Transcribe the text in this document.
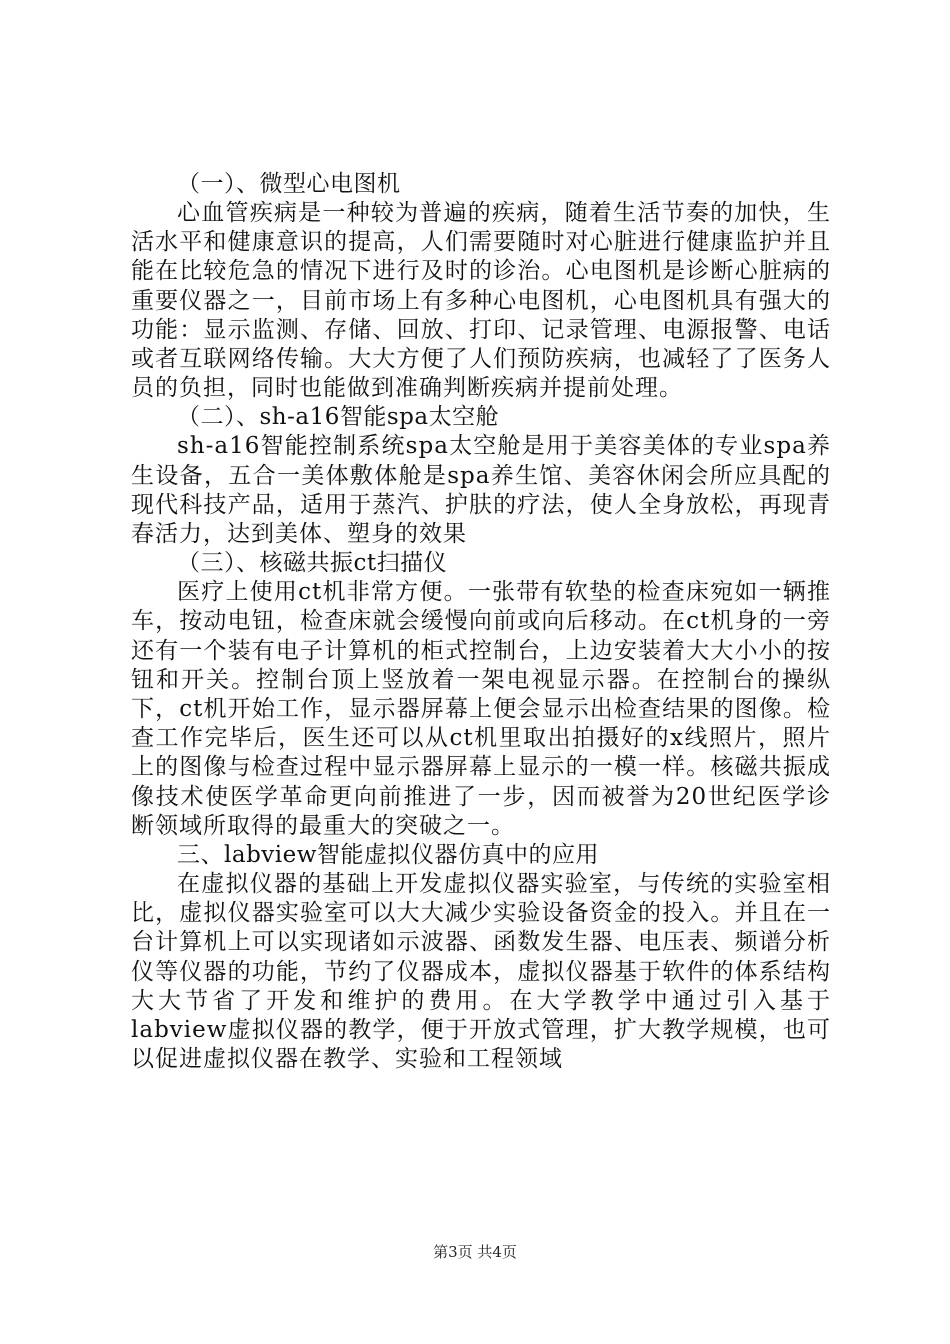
（一）、微型心电图机

心血管疾病是一种较为普遍的疾病，随着生活节奏的加快，生活水平和健康意识的提高，人们需要随时对心脏进行健康监护并且能在比较危急的情况下进行及时的诊治。心电图机是诊断心脏病的重要仪器之一，目前市场上有多种心电图机，心电图机具有强大的功能：显示监测、存储、回放、打印、记录管理、电源报警、电话或者互联网络传输。大大方便了人们预防疾病，也减轻了了医务人员的负担，同时也能做到准确判断疾病并提前处理。

（二）、sh-a16智能spa太空舱

sh-a16智能控制系统spa太空舱是用于美容美体的专业spa养生设备，五合一美体敷体舱是spa养生馆、美容休闲会所应具配的现代科技产品，适用于蒸汽、护肤的疗法，使人全身放松，再现青春活力，达到美体、塑身的效果

（三）、核磁共振ct扫描仪

医疗上使用ct机非常方便。一张带有软垫的检查床宛如一辆推车，按动电钮，检查床就会缓慢向前或向后移动。在ct机身的一旁还有一个装有电子计算机的柜式控制台，上边安装着大大小小的按钮和开关。控制台顶上竖放着一架电视显示器。在控制台的操纵下，ct机开始工作，显示器屏幕上便会显示出检查结果的图像。检查工作完毕后，医生还可以从ct机里取出拍摄好的x线照片，照片上的图像与检查过程中显示器屏幕上显示的一模一样。核磁共振成像技术使医学革命更向前推进了一步，因而被誉为20世纪医学诊断领域所取得的最重大的突破之一。

三、labview智能虚拟仪器仿真中的应用

在虚拟仪器的基础上开发虚拟仪器实验室，与传统的实验室相比，虚拟仪器实验室可以大大减少实验设备资金的投入。并且在一台计算机上可以实现诸如示波器、函数发生器、电压表、频谱分析仪等仪器的功能，节约了仪器成本，虚拟仪器基于软件的体系结构大大节省了开发和维护的费用。在大学教学中通过引入基于labview虚拟仪器的教学，便于开放式管理，扩大教学规模，也可以促进虚拟仪器在教学、实验和工程领域

第3页 共4页
